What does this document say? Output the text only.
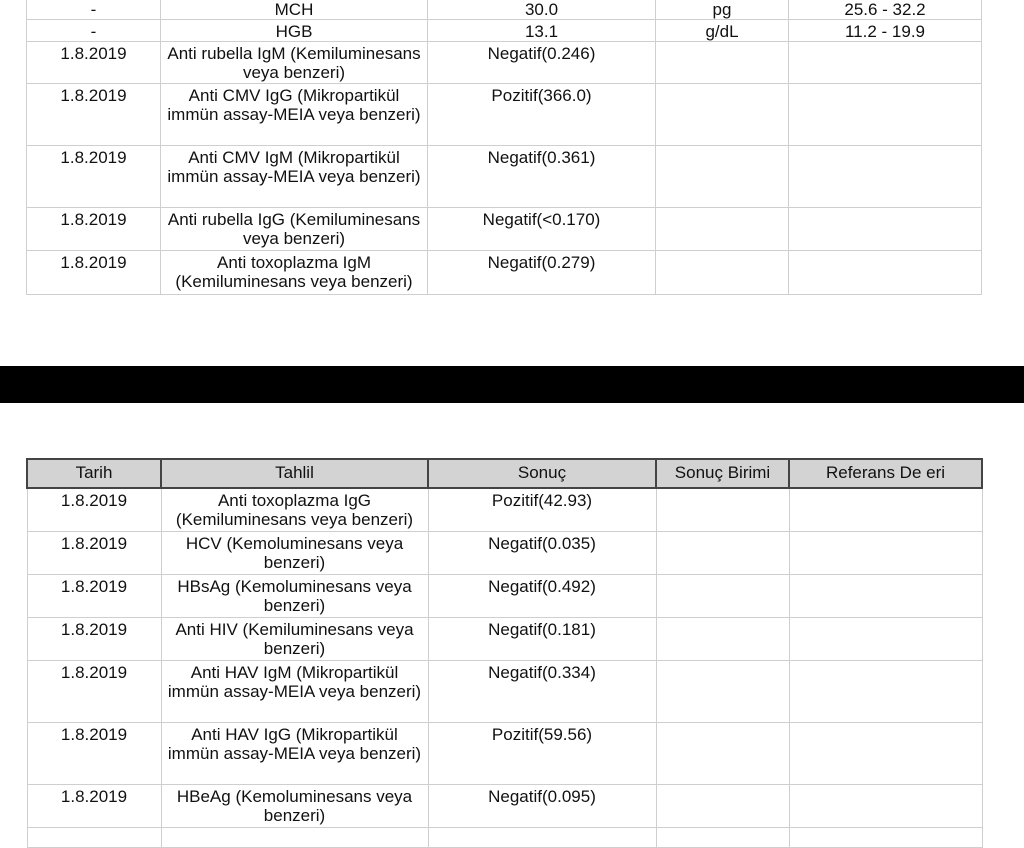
-	MCH	30.0	pg	25.6 - 32.2
-	HGB	13.1	g/dL	11.2 - 19.9
1.8.2019	Anti rubella IgM (Kemiluminesans veya benzeri)	Negatif(0.246)		
1.8.2019	Anti CMV IgG (Mikropartikül immün assay-MEIA veya benzeri)	Pozitif(366.0)		
1.8.2019	Anti CMV IgM (Mikropartikül immün assay-MEIA veya benzeri)	Negatif(0.361)		
1.8.2019	Anti rubella IgG (Kemiluminesans veya benzeri)	Negatif(<0.170)		
1.8.2019	Anti toxoplazma IgM (Kemiluminesans veya benzeri)	Negatif(0.279)		
Tarih	Tahlil	Sonuç	Sonuç Birimi	Referans De eri
1.8.2019	Anti toxoplazma IgG (Kemiluminesans veya benzeri)	Pozitif(42.93)		
1.8.2019	HCV (Kemoluminesans veya benzeri)	Negatif(0.035)		
1.8.2019	HBsAg (Kemoluminesans veya benzeri)	Negatif(0.492)		
1.8.2019	Anti HIV (Kemiluminesans veya benzeri)	Negatif(0.181)		
1.8.2019	Anti HAV IgM (Mikropartikül immün assay-MEIA veya benzeri)	Negatif(0.334)		
1.8.2019	Anti HAV IgG (Mikropartikül immün assay-MEIA veya benzeri)	Pozitif(59.56)		
1.8.2019	HBeAg (Kemoluminesans veya benzeri)	Negatif(0.095)		
